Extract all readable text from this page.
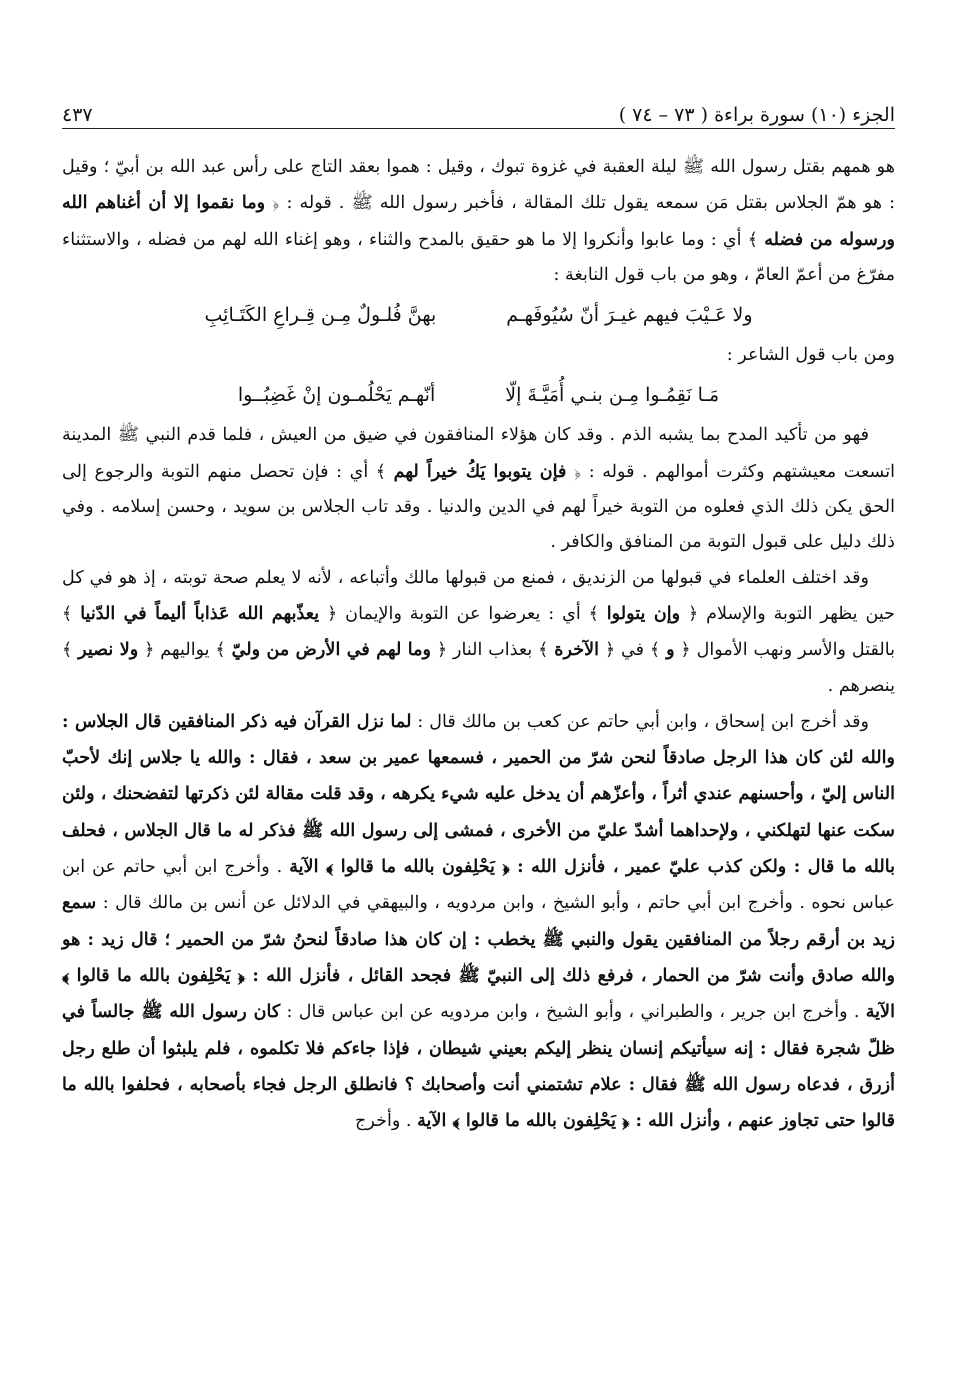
الجزء (١٠) سورة براءة ( ٧٣ – ٧٤ )
٤٣٧

هو همهم بقتل رسول الله ﷺ ليلة العقبة في غزوة تبوك ، وقيل : هموا بعقد التاج على رأس عبد الله بن أبيّ ؛ وقيل : هو همّ الجلاس بقتل مَن سمعه يقول تلك المقالة ، فأخبر رسول الله ﷺ . قوله : ﴿ وما نقموا إلا أن أغناهم الله ورسوله من فضله ﴾ أي : وما عابوا وأنكروا إلا ما هو حقيق بالمدح والثناء ، وهو إغناء الله لهم من فضله ، والاستثناء مفرّغ من أعمّ العامّ ، وهو من باب قول النابغة :

ولا عَـيْبَ فيهم غيـرَ أنّ سُيُوفَهـم
بهنَّ فُلـولٌ مِـن قِـراعِ الكَتَـائِبِ

ومن باب قول الشاعر :

مَـا نَقِمُـوا مِـن بنـي أُمَيَّـةَ إلّا
أنّهـم يَحْلُمـون إنْ غَضِبُــوا

فهو من تأكيد المدح بما يشبه الذم . وقد كان هؤلاء المنافقون في ضيق من العيش ، فلما قدم النبي ﷺ المدينة اتسعت معيشتهم وكثرت أموالهم . قوله : ﴿ فإن يتوبوا يَكُ خيراً لهم ﴾ أي : فإن تحصل منهم التوبة والرجوع إلى الحق يكن ذلك الذي فعلوه من التوبة خيراً لهم في الدين والدنيا . وقد تاب الجلاس بن سويد ، وحسن إسلامه . وفي ذلك دليل على قبول التوبة من المنافق والكافر .

وقد اختلف العلماء في قبولها من الزنديق ، فمنع من قبولها مالك وأتباعه ، لأنه لا يعلم صحة توبته ، إذ هو في كل حين يظهر التوبة والإسلام ﴿ وإن يتولوا ﴾ أي : يعرضوا عن التوبة والإيمان ﴿ يعذّبهم الله عَذاباً أليماً في الدّنيا ﴾ بالقتل والأسر ونهب الأموال ﴿ و ﴾ في ﴿ الآخرة ﴾ بعذاب النار ﴿ وما لهم في الأرض من وليّ ﴾ يواليهم ﴿ ولا نصير ﴾ ينصرهم .

وقد أخرج ابن إسحاق ، وابن أبي حاتم عن كعب بن مالك قال : لما نزل القرآن فيه ذكر المنافقين قال الجلاس : والله لئن كان هذا الرجل صادقاً لنحن شرّ من الحمير ، فسمعها عمير بن سعد ، فقال : والله يا جلاس إنك لأحبّ الناس إليّ ، وأحسنهم عندي أثراً ، وأعزّهم أن يدخل عليه شيء يكرهه ، وقد قلت مقالة لئن ذكرتها لتفضحنك ، ولئن سكت عنها لتهلكني ، ولإحداهما أشدّ عليّ من الأخرى ، فمشى إلى رسول الله ﷺ فذكر له ما قال الجلاس ، فحلف بالله ما قال : ولكن كذب عليّ عمير ، فأنزل الله : ﴿ يَحْلِفون بالله ما قالوا ﴾ الآية . وأخرج ابن أبي حاتم عن ابن عباس نحوه . وأخرج ابن أبي حاتم ، وأبو الشيخ ، وابن مردويه ، والبيهقي في الدلائل عن أنس بن مالك قال : سمع زيد بن أرقم رجلاً من المنافقين يقول والنبي ﷺ يخطب : إن كان هذا صادقاً لنحنُ شرّ من الحمير ؛ قال زيد : هو والله صادق وأنت شرّ من الحمار ، فرفع ذلك إلى النبيّ ﷺ فجحد القائل ، فأنزل الله : ﴿ يَحْلِفون بالله ما قالوا ﴾ الآية . وأخرج ابن جرير ، والطبراني ، وأبو الشيخ ، وابن مردويه عن ابن عباس قال : كان رسول الله ﷺ جالساً في ظلّ شجرة فقال : إنه سيأتيكم إنسان ينظر إليكم بعيني شيطان ، فإذا جاءكم فلا تكلموه ، فلم يلبثوا أن طلع رجل أزرق ، فدعاه رسول الله ﷺ فقال : علام تشتمني أنت وأصحابك ؟ فانطلق الرجل فجاء بأصحابه ، فحلفوا بالله ما قالوا حتى تجاوز عنهم ، وأنزل الله : ﴿ يَحْلِفون بالله ما قالوا ﴾ الآية . وأخرج
